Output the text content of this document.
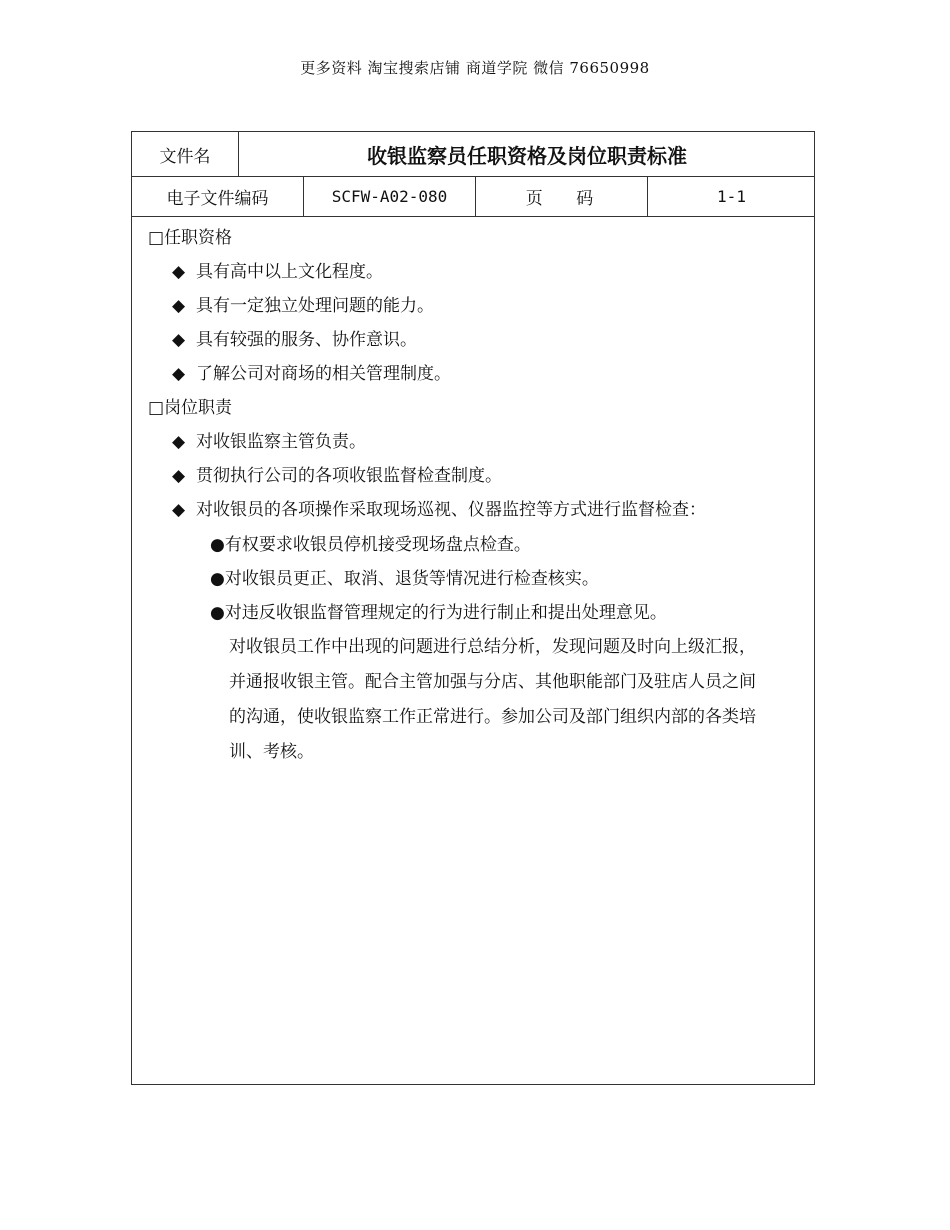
更多资料 淘宝搜索店铺 商道学院 微信 76650998
文件名	收银监察员任职资格及岗位职责标准
电子文件编码	SCFW-A02-080	页 码	1-1
□任职资格
◆ 具有高中以上文化程度。
◆ 具有一定独立处理问题的能力。
◆ 具有较强的服务、协作意识。
◆ 了解公司对商场的相关管理制度。
□岗位职责
◆ 对收银监察主管负责。
◆ 贯彻执行公司的各项收银监督检查制度。
◆ 对收银员的各项操作采取现场巡视、仪器监控等方式进行监督检查：
●有权要求收银员停机接受现场盘点检查。
●对收银员更正、取消、退货等情况进行检查核实。
●对违反收银监督管理规定的行为进行制止和提出处理意见。
对收银员工作中出现的问题进行总结分析，发现问题及时向上级汇报，
并通报收银主管。配合主管加强与分店、其他职能部门及驻店人员之间
的沟通，使收银监察工作正常进行。参加公司及部门组织内部的各类培
训、考核。
